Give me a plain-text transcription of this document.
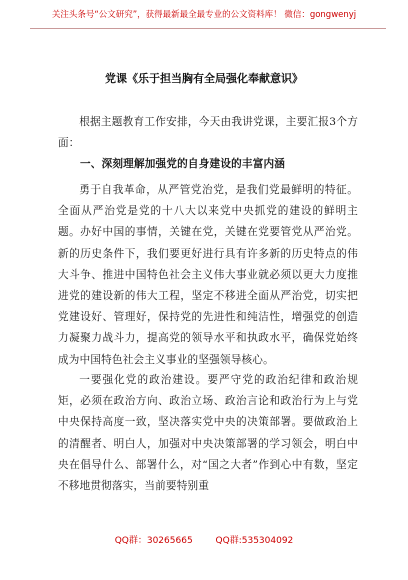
关注头条号“公文研究”，获得最新最全最专业的公文资料库！ 微信：gongwenyj
党课《乐于担当胸有全局强化奉献意识》
根据主题教育工作安排，今天由我讲党课，主要汇报3个方面：
一、深刻理解加强党的自身建设的丰富内涵
勇于自我革命，从严管党治党，是我们党最鲜明的特征。全面从严治党是党的十八大以来党中央抓党的建设的鲜明主题。办好中国的事情，关键在党，关键在党要管党从严治党。新的历史条件下，我们要更好进行具有许多新的历史特点的伟大斗争、推进中国特色社会主义伟大事业就必须以更大力度推进党的建设新的伟大工程，坚定不移进全面从严治党，切实把党建设好、管理好，保持党的先进性和纯洁性，增强党的创造力凝聚力战斗力，提高党的领导水平和执政水平，确保党始终成为中国特色社会主义事业的坚强领导核心。
一要强化党的政治建设。要严守党的政治纪律和政治规矩，必须在政治方向、政治立场、政治言论和政治行为上与党中央保持高度一致，坚决落实党中央的决策部署。要做政治上的清醒者、明白人，加强对中央决策部署的学习领会，明白中央在倡导什么、部署什么，对“国之大者”作到心中有数，坚定不移地贯彻落实，当前要特别重
QQ群：30265665	QQ群:535304092
